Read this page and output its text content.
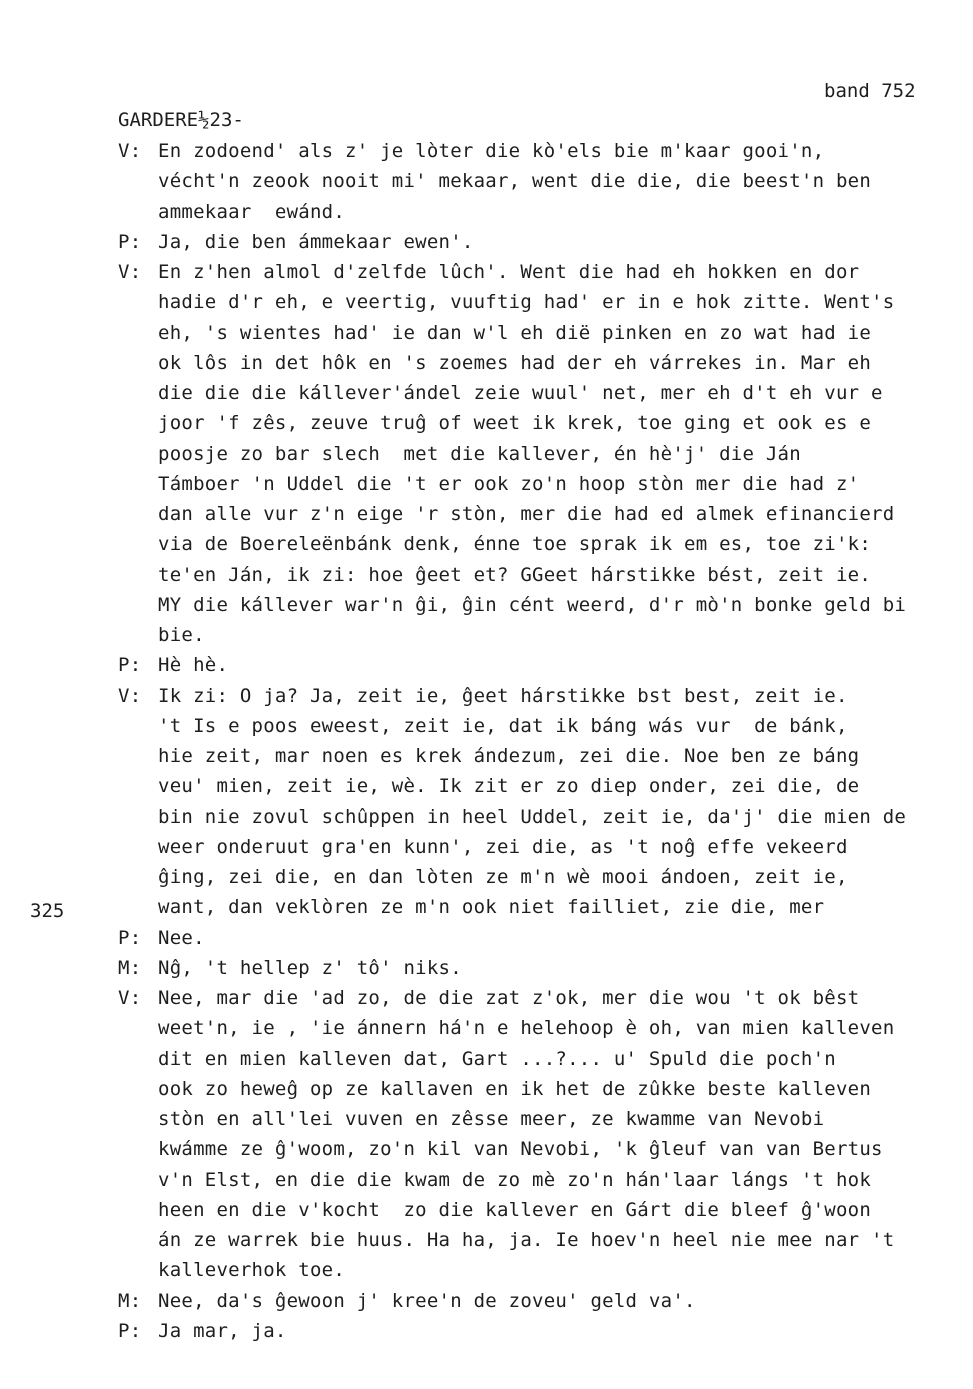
band 752
GARDERE½23-
325
V: En zodoend' als z' je lòter die kò'els bie m'kaar gooi'n,
vécht'n zeook nooit mi' mekaar, went die die, die beest'n ben
ammekaar  ewánd.
P: Ja, die ben ámmekaar ewen'.
V: En z'hen almol d'zelfde lûch'. Went die had eh hokken en dor
hadie d'r eh, e veertig, vuuftig had' er in e hok zitte. Went's
eh, 's wientes had' ie dan w'l eh dië pinken en zo wat had ie
ok lôs in det hôk en 's zoemes had der eh várrekes in. Mar eh
die die die kállever'ándel zeie wuul' net, mer eh d't eh vur e
joor 'f zês, zeuve truĝ of weet ik krek, toe ging et ook es e
poosje zo bar slech  met die kallever, én hè'j' die Ján
Támboer 'n Uddel die 't er ook zo'n hoop stòn mer die had z'
dan alle vur z'n eige 'r stòn, mer die had ed almek efinancierd
via de Boereleënbánk denk, énne toe sprak ik em es, toe zi'k:
te'en Ján, ik zi: hoe ĝeet et? GGeet hárstikke bést, zeit ie.
MY die kállever war'n ĝi, ĝin cént weerd, d'r mò'n bonke geld bi
bie.
P: Hè hè.
V: Ik zi: O ja? Ja, zeit ie, ĝeet hárstikke bst best, zeit ie.
't Is e poos eweest, zeit ie, dat ik báng wás vur  de bánk,
hie zeit, mar noen es krek ándezum, zei die. Noe ben ze báng
veu' mien, zeit ie, wè. Ik zit er zo diep onder, zei die, de
bin nie zovul schûppen in heel Uddel, zeit ie, da'j' die mien de
weer onderuut gra'en kunn', zei die, as 't noĝ effe vekeerd
ĝing, zei die, en dan lòten ze m'n wè mooi ándoen, zeit ie,
want, dan veklòren ze m'n ook niet failliet, zie die, mer
P: Nee.
M: Nĝ, 't hellep z' tô' niks.
V: Nee, mar die 'ad zo, de die zat z'ok, mer die wou 't ok bêst
weet'n, ie , 'ie ánnern há'n e helehoop è oh, van mien kalleven
dit en mien kalleven dat, Gart ...?... u' Spuld die poch'n
ook zo heweĝ op ze kallaven en ik het de zûkke beste kalleven
stòn en all'lei vuven en zêsse meer, ze kwamme van Nevobi
kwámme ze ĝ'woom, zo'n kil van Nevobi, 'k ĝleuf van van Bertus
v'n Elst, en die die kwam de zo mè zo'n hán'laar lángs 't hok
heen en die v'kocht  zo die kallever en Gárt die bleef ĝ'woon
án ze warrek bie huus. Ha ha, ja. Ie hoev'n heel nie mee nar 't
kalleverhok toe.
M: Nee, da's ĝewoon j' kree'n de zoveu' geld va'.
P: Ja mar, ja.
